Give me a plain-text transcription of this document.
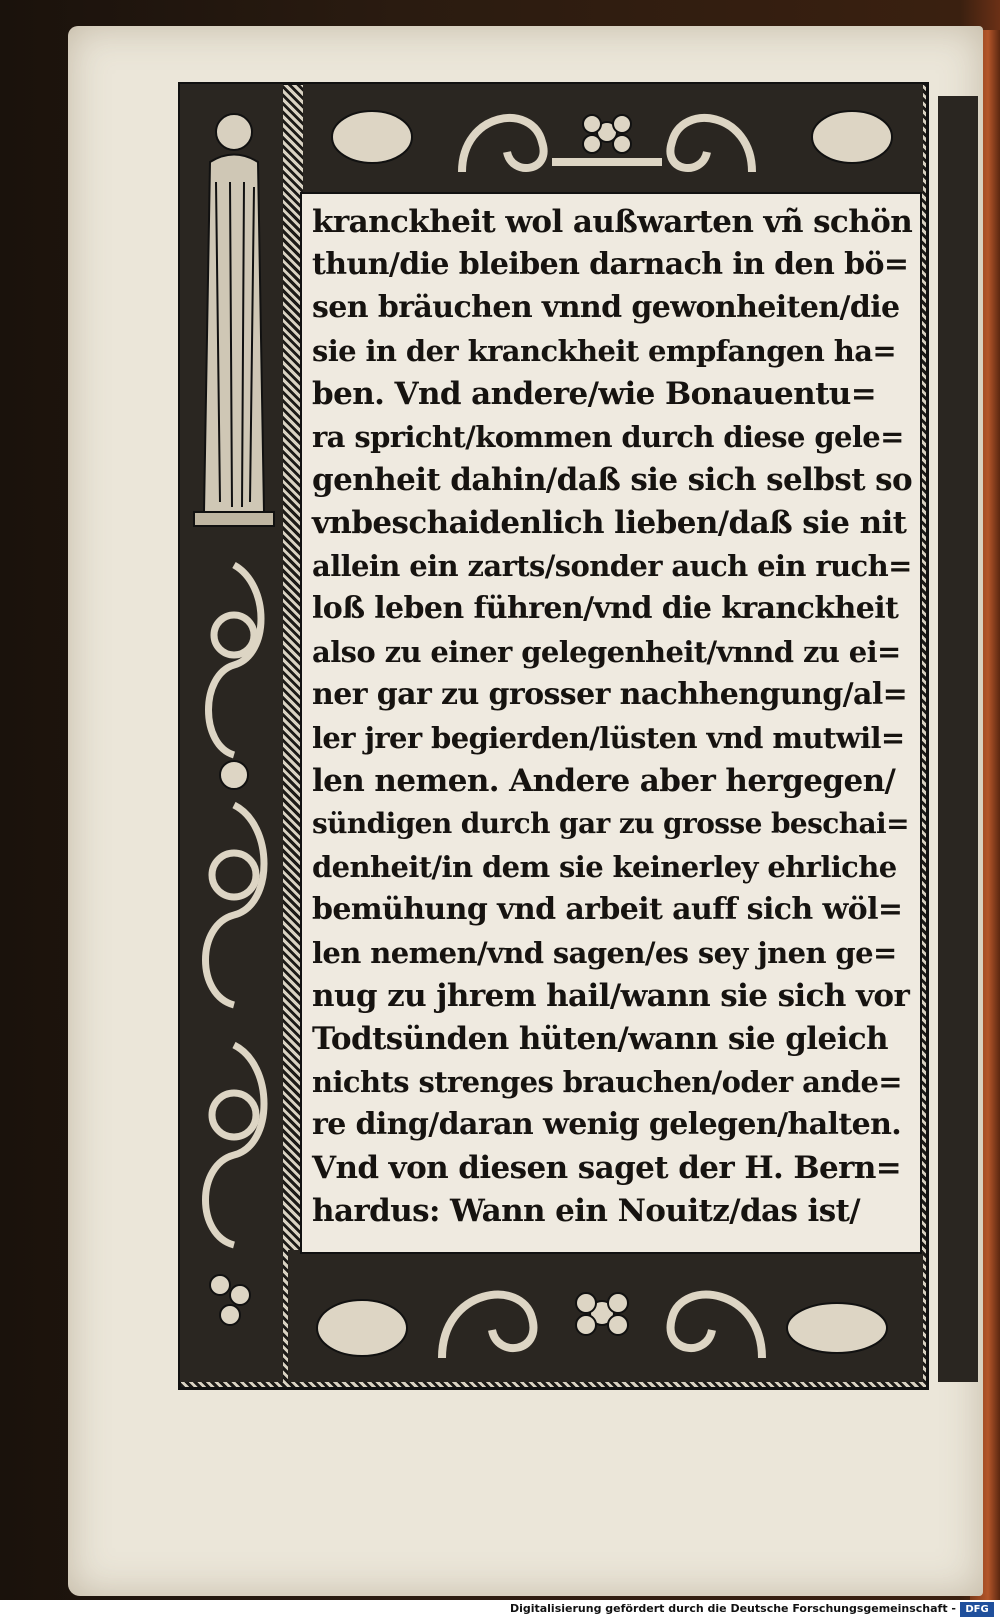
kranckheit wol außwarten vñ schön
thun/die bleiben darnach in den bö=
sen bräuchen vnnd gewonheiten/die
sie in der kranckheit empfangen ha=
ben. Vnd andere/wie Bonauentu=
ra spricht/kommen durch diese gele=
genheit dahin/daß sie sich selbst so
vnbeschaidenlich lieben/daß sie nit
allein ein zarts/sonder auch ein ruch=
loß leben führen/vnd die kranckheit
also zu einer gelegenheit/vnnd zu ei=
ner gar zu grosser nachhengung/al=
ler jrer begierden/lüsten vnd mutwil=
len nemen. Andere aber hergegen/
sündigen durch gar zu grosse beschai=
denheit/in dem sie keinerley ehrliche
bemühung vnd arbeit auff sich wöl=
len nemen/vnd sagen/es sey jnen ge=
nug zu jhrem hail/wann sie sich vor
Todtsünden hüten/wann sie gleich
nichts strenges brauchen/oder ande=
re ding/daran wenig gelegen/halten.
Vnd von diesen saget der H. Bern=
hardus: Wann ein Nouitz/das ist/
Digitalisierung gefördert durch die Deutsche Forschungsgemeinschaft - DFG
